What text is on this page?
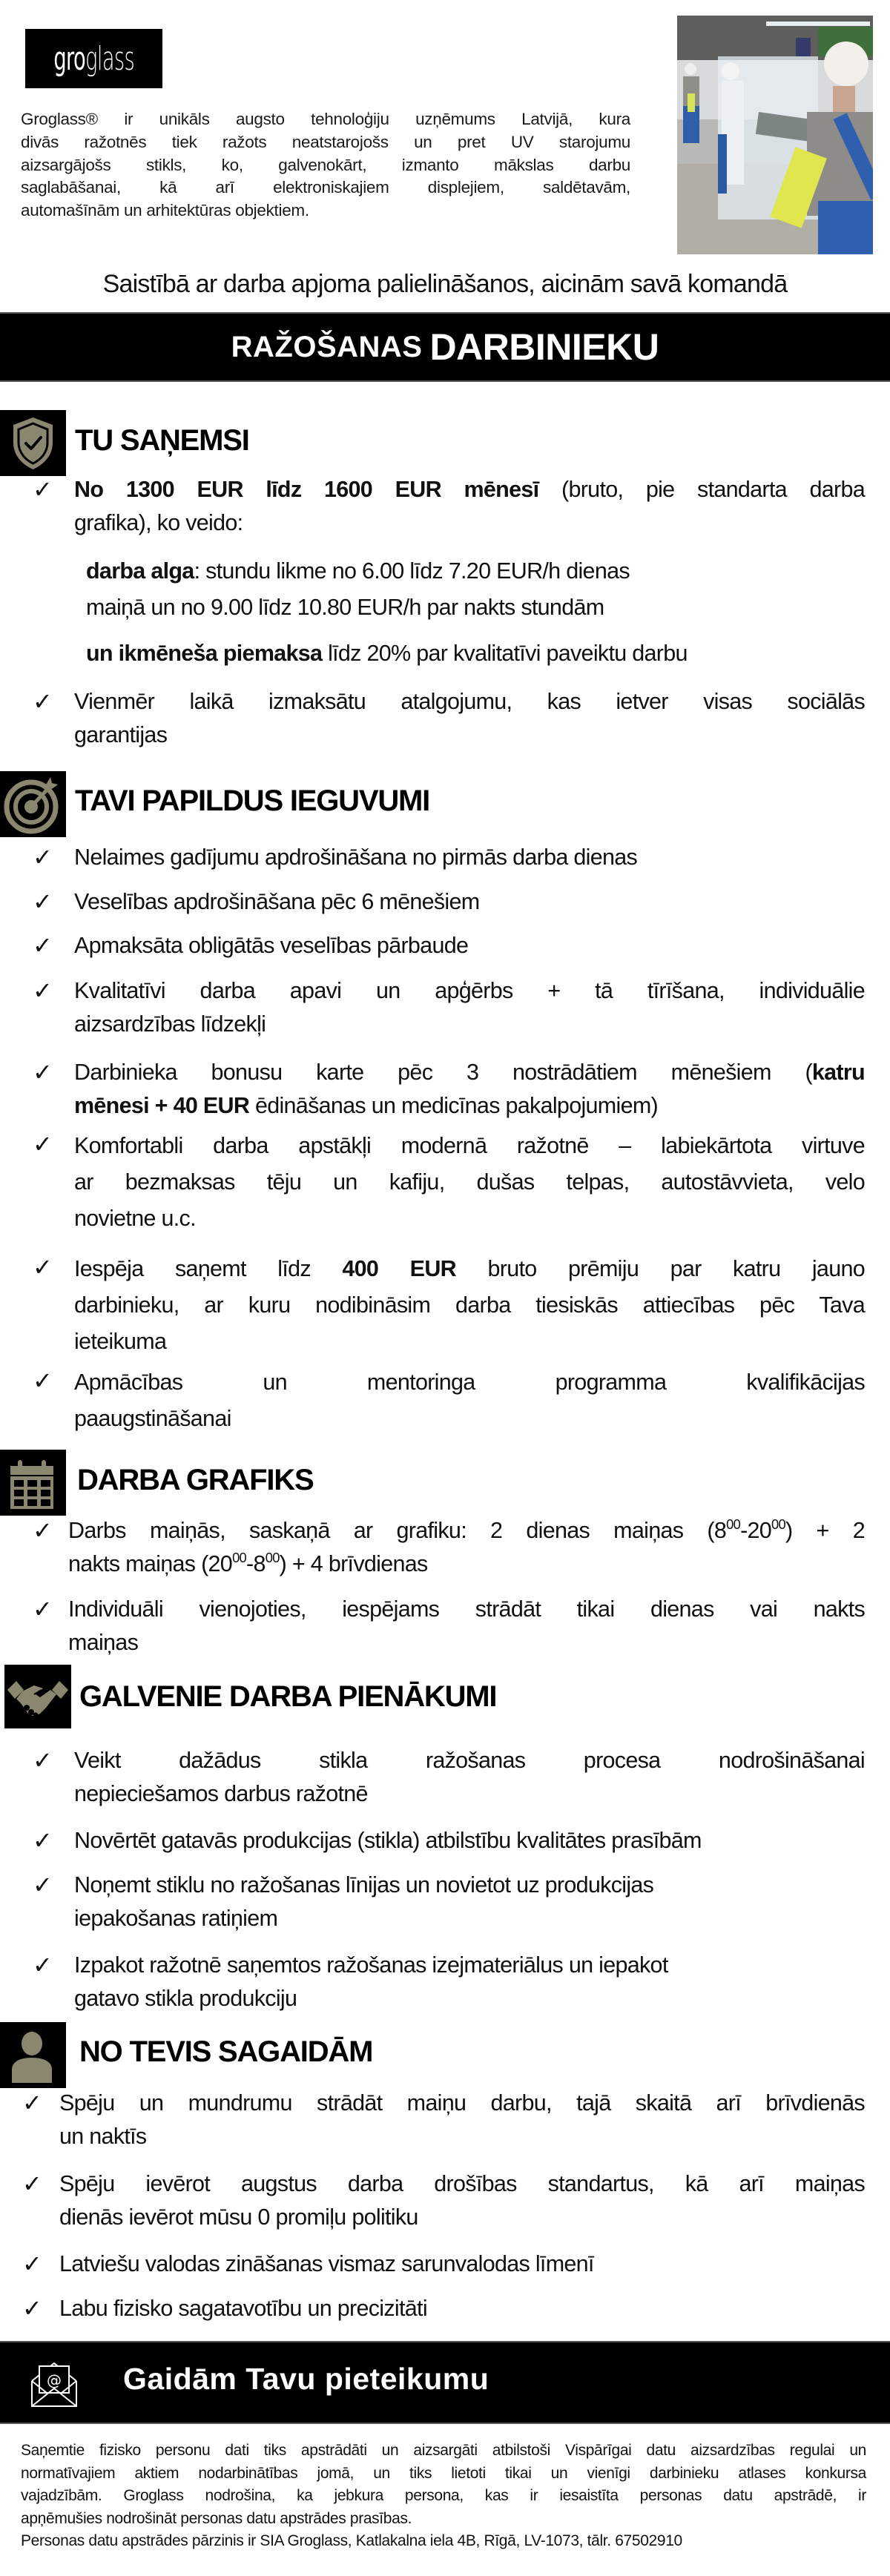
groglass
Groglass® ir unikāls augsto tehnoloģiju uzņēmums Latvijā, kura
divās ražotnēs tiek ražots neatstarojošs un pret UV starojumu
aizsargājošs stikls, ko, galvenokārt, izmanto mākslas darbu
saglabāšanai, kā arī elektroniskajiem displejiem, saldētavām,
automašīnām un arhitektūras objektiem.
Saistībā ar darba apjoma palielināšanos, aicinām savā komandā
RAŽOŠANAS DARBINIEKU
TU SAŅEMSI
✓ No 1300 EUR līdz 1600 EUR mēnesī (bruto, pie standarta darba
grafika), ko veido:
darba alga: stundu likme no 6.00 līdz 7.20 EUR/h dienas
maiņā un no 9.00 līdz 10.80 EUR/h par nakts stundām
un ikmēneša piemaksa līdz 20% par kvalitatīvi paveiktu darbu
✓ Vienmēr laikā izmaksātu atalgojumu, kas ietver visas sociālās
garantijas
TAVI PAPILDUS IEGUVUMI
✓ Nelaimes gadījumu apdrošināšana no pirmās darba dienas
✓ Veselības apdrošināšana pēc 6 mēnešiem
✓ Apmaksāta obligātās veselības pārbaude
✓ Kvalitatīvi darba apavi un apģērbs + tā tīrīšana, individuālie
aizsardzības līdzekļi
✓ Darbinieka bonusu karte pēc 3 nostrādātiem mēnešiem (katru
mēnesi + 40 EUR ēdināšanas un medicīnas pakalpojumiem)
✓ Komfortabli darba apstākļi modernā ražotnē – labiekārtota virtuve
ar bezmaksas tēju un kafiju, dušas telpas, autostāvvieta, velo
novietne u.c.
✓ Iespēja saņemt līdz 400 EUR bruto prēmiju par katru jauno
darbinieku, ar kuru nodibināsim darba tiesiskās attiecības pēc Tava
ieteikuma
✓ Apmācības un mentoringa programma kvalifikācijas
paaugstināšanai
DARBA GRAFIKS
✓ Darbs maiņās, saskaņā ar grafiku: 2 dienas maiņas $(8^{00}-20^{00}) + 2$
nakts maiņas $(20^{00}-8^{00}) + 4$ brīvdienas
✓ Individuāli vienojoties, iespējams strādāt tikai dienas vai nakts
maiņas
GALVENIE DARBA PIENĀKUMI
✓ Veikt dažādus stikla ražošanas procesa nodrošināšanai
nepieciešamos darbus ražotnē
✓ Novērtēt gatavās produkcijas (stikla) atbilstību kvalitātes prasībām
✓ Noņemt stiklu no ražošanas līnijas un novietot uz produkcijas
iepakošanas ratiņiem
✓ Izpakot ražotnē saņemtos ražošanas izejmateriālus un iepakot
gatavo stikla produkciju
NO TEVIS SAGAIDĀM
✓ Spēju un mundrumu strādāt maiņu darbu, tajā skaitā arī brīvdienās
un naktīs
✓ Spēju ievērot augstus darba drošības standartus, kā arī maiņas
dienās ievērot mūsu 0 promiļu politiku
✓ Latviešu valodas zināšanas vismaz sarunvalodas līmenī
✓ Labu fizisko sagatavotību un precizitāti
@ Gaidām Tavu pieteikumu
Saņemtie fizisko personu dati tiks apstrādāti un aizsargāti atbilstoši Vispārīgai datu aizsardzības regulai un
normatīvajiem aktiem nodarbinātības jomā, un tiks lietoti tikai un vienīgi darbinieku atlases konkursa
vajadzībām. Groglass nodrošina, ka jebkura persona, kas ir iesaistīta personas datu apstrādē, ir
apņēmušies nodrošināt personas datu apstrādes prasības.
Personas datu apstrādes pārzinis ir SIA Groglass, Katlakalna iela 4B, Rīgā, LV-1073, tālr. 67502910
